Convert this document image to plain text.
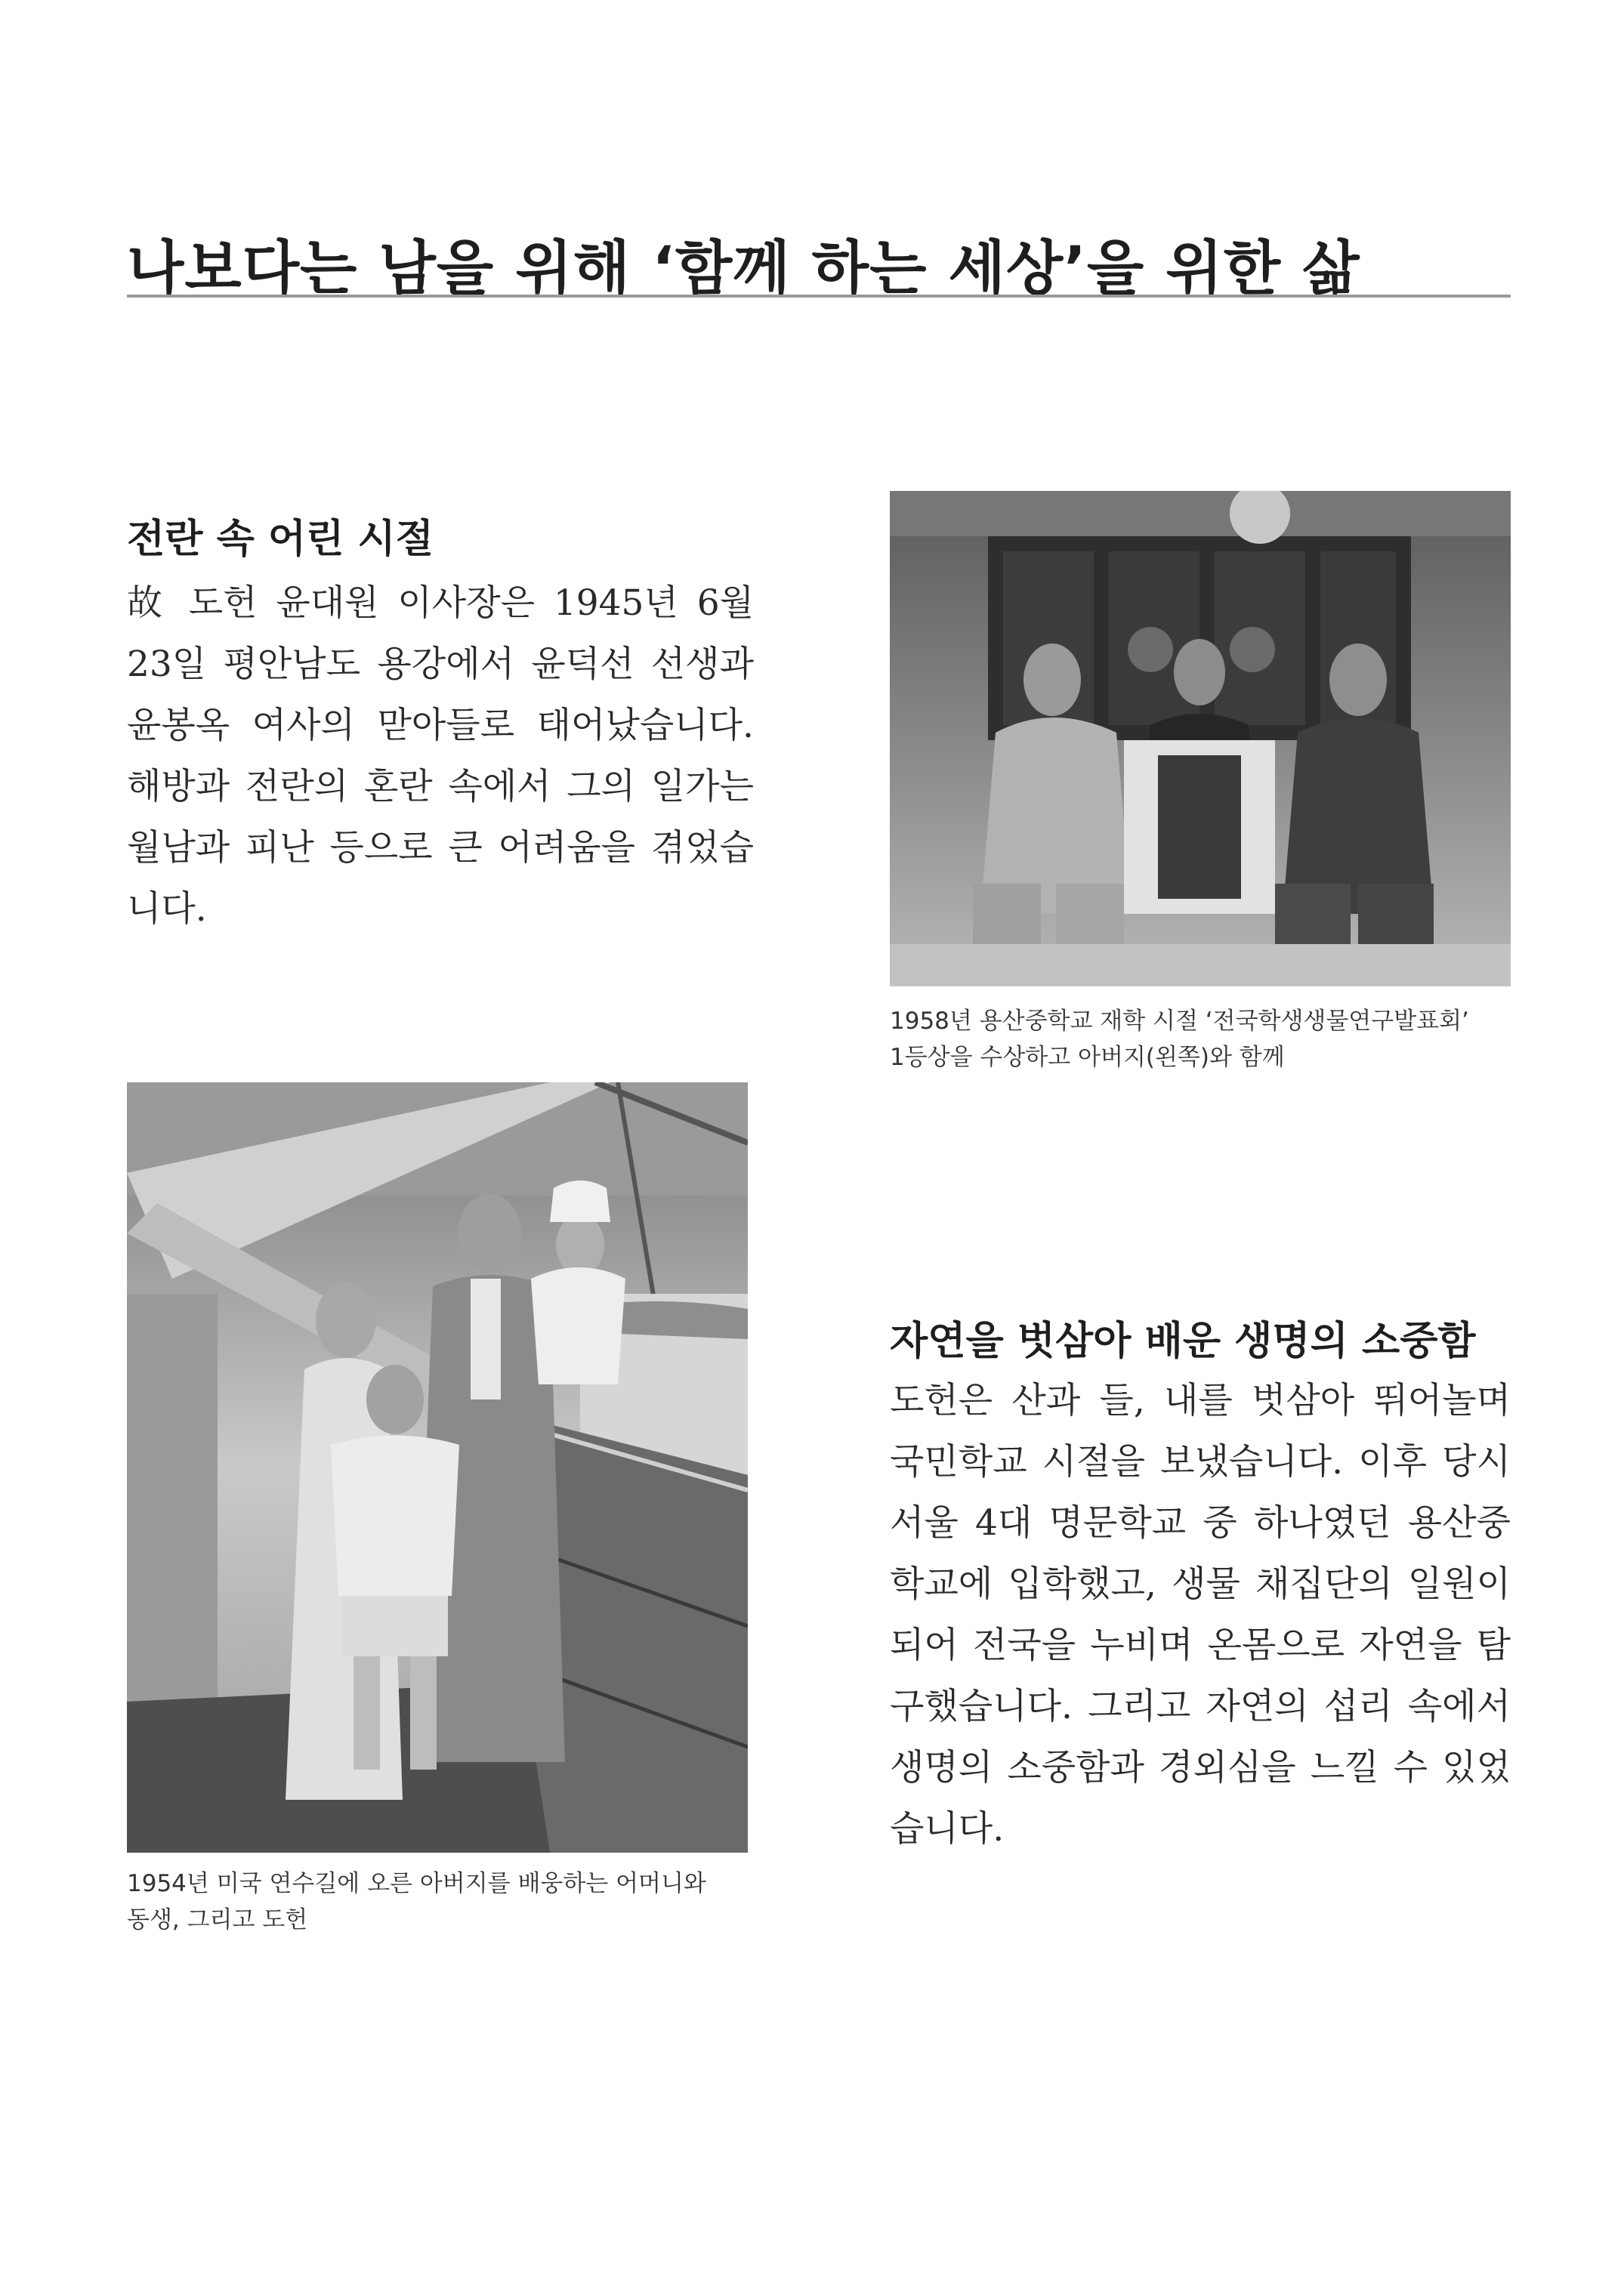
나보다는 남을 위해 ‘함께 하는 세상’을 위한 삶
전란 속 어린 시절

故 도헌 윤대원 이사장은 1945년 6월 23일 평안남도 용강에서 윤덕선 선생과 윤봉옥 여사의 맏아들로 태어났습니다. 해방과 전란의 혼란 속에서 그의 일가는 월남과 피난 등으로 큰 어려움을 겪었습니다.

1958년 용산중학교 재학 시절 ‘전국학생생물연구발표회’
1등상을 수상하고 아버지(왼쪽)와 함께

1954년 미국 연수길에 오른 아버지를 배웅하는 어머니와
동생, 그리고 도헌

자연을 벗삼아 배운 생명의 소중함

도헌은 산과 들, 내를 벗삼아 뛰어놀며 국민학교 시절을 보냈습니다. 이후 당시 서울 4대 명문학교 중 하나였던 용산중학교에 입학했고, 생물 채집단의 일원이 되어 전국을 누비며 온몸으로 자연을 탐구했습니다. 그리고 자연의 섭리 속에서 생명의 소중함과 경외심을 느낄 수 있었습니다.
